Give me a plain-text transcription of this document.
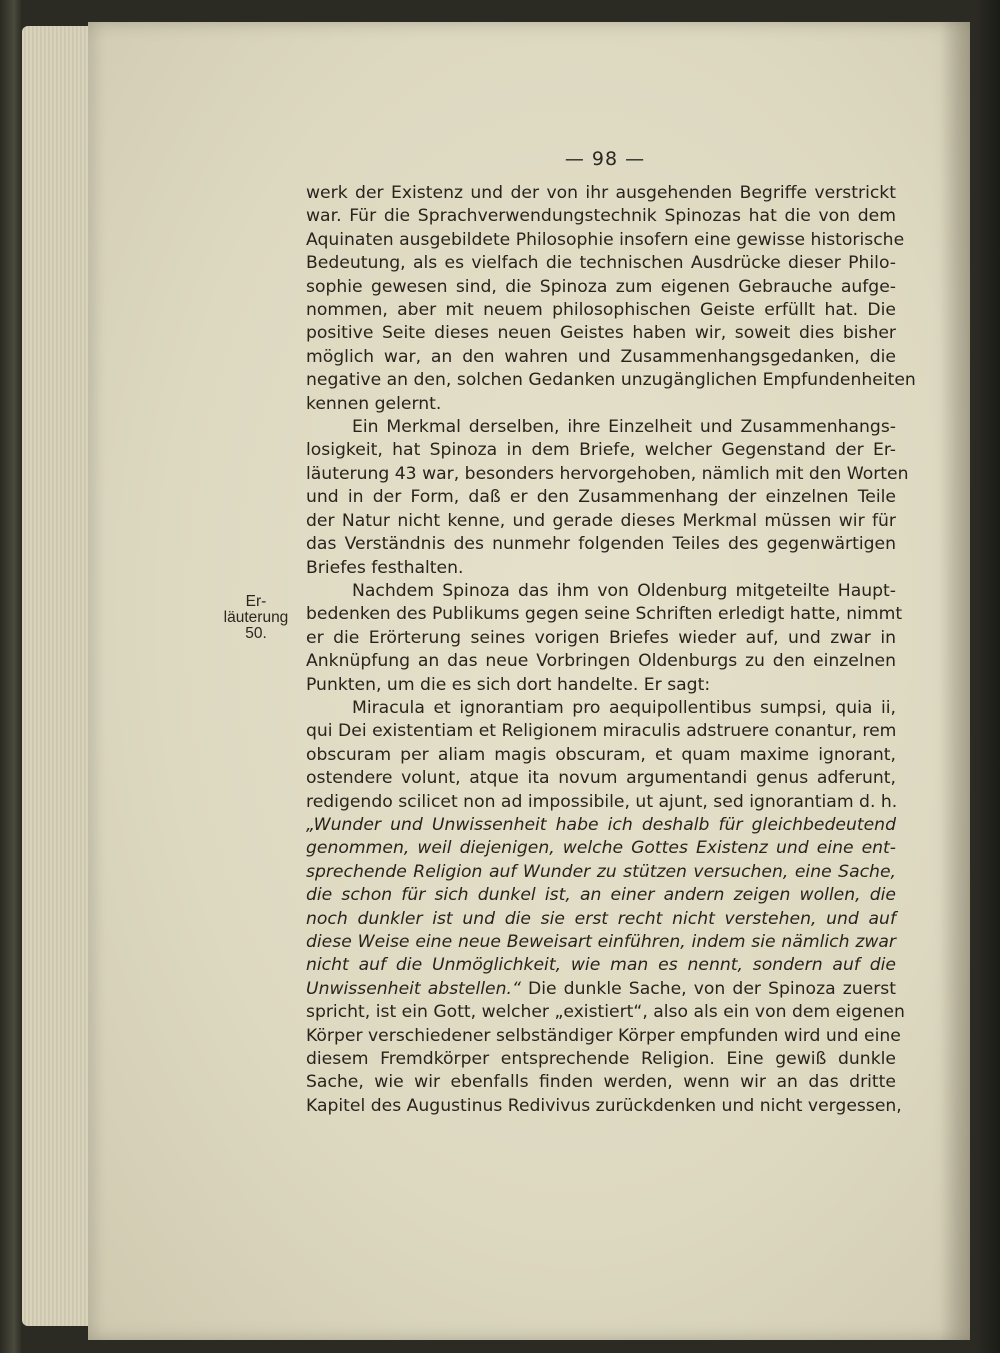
— 98 —
Er-
läuterung
50.
werk der Existenz und der von ihr ausgehenden Begriffe verstrickt
war. Für die Sprachverwendungstechnik Spinozas hat die von dem
Aquinaten ausgebildete Philosophie insofern eine gewisse historische
Bedeutung, als es vielfach die technischen Ausdrücke dieser Philo-
sophie gewesen sind, die Spinoza zum eigenen Gebrauche aufge-
nommen, aber mit neuem philosophischen Geiste erfüllt hat. Die
positive Seite dieses neuen Geistes haben wir, soweit dies bisher
möglich war, an den wahren und Zusammenhangsgedanken, die
negative an den, solchen Gedanken unzugänglichen Empfundenheiten
kennen gelernt.
Ein Merkmal derselben, ihre Einzelheit und Zusammenhangs-
losigkeit, hat Spinoza in dem Briefe, welcher Gegenstand der Er-
läuterung 43 war, besonders hervorgehoben, nämlich mit den Worten
und in der Form, daß er den Zusammenhang der einzelnen Teile
der Natur nicht kenne, und gerade dieses Merkmal müssen wir für
das Verständnis des nunmehr folgenden Teiles des gegenwärtigen
Briefes festhalten.
Nachdem Spinoza das ihm von Oldenburg mitgeteilte Haupt-
bedenken des Publikums gegen seine Schriften erledigt hatte, nimmt
er die Erörterung seines vorigen Briefes wieder auf, und zwar in
Anknüpfung an das neue Vorbringen Oldenburgs zu den einzelnen
Punkten, um die es sich dort handelte. Er sagt:
Miracula et ignorantiam pro aequipollentibus sumpsi, quia ii,
qui Dei existentiam et Religionem miraculis adstruere conantur, rem
obscuram per aliam magis obscuram, et quam maxime ignorant,
ostendere volunt, atque ita novum argumentandi genus adferunt,
redigendo scilicet non ad impossibile, ut ajunt, sed ignorantiam d. h.
„Wunder und Unwissenheit habe ich deshalb für gleichbedeutend
genommen, weil diejenigen, welche Gottes Existenz und eine ent-
sprechende Religion auf Wunder zu stützen versuchen, eine Sache,
die schon für sich dunkel ist, an einer andern zeigen wollen, die
noch dunkler ist und die sie erst recht nicht verstehen, und auf
diese Weise eine neue Beweisart einführen, indem sie nämlich zwar
nicht auf die Unmöglichkeit, wie man es nennt, sondern auf die
Unwissenheit abstellen.“ Die dunkle Sache, von der Spinoza zuerst
spricht, ist ein Gott, welcher „existiert“, also als ein von dem eigenen
Körper verschiedener selbständiger Körper empfunden wird und eine
diesem Fremdkörper entsprechende Religion. Eine gewiß dunkle
Sache, wie wir ebenfalls finden werden, wenn wir an das dritte
Kapitel des Augustinus Redivivus zurückdenken und nicht vergessen,
